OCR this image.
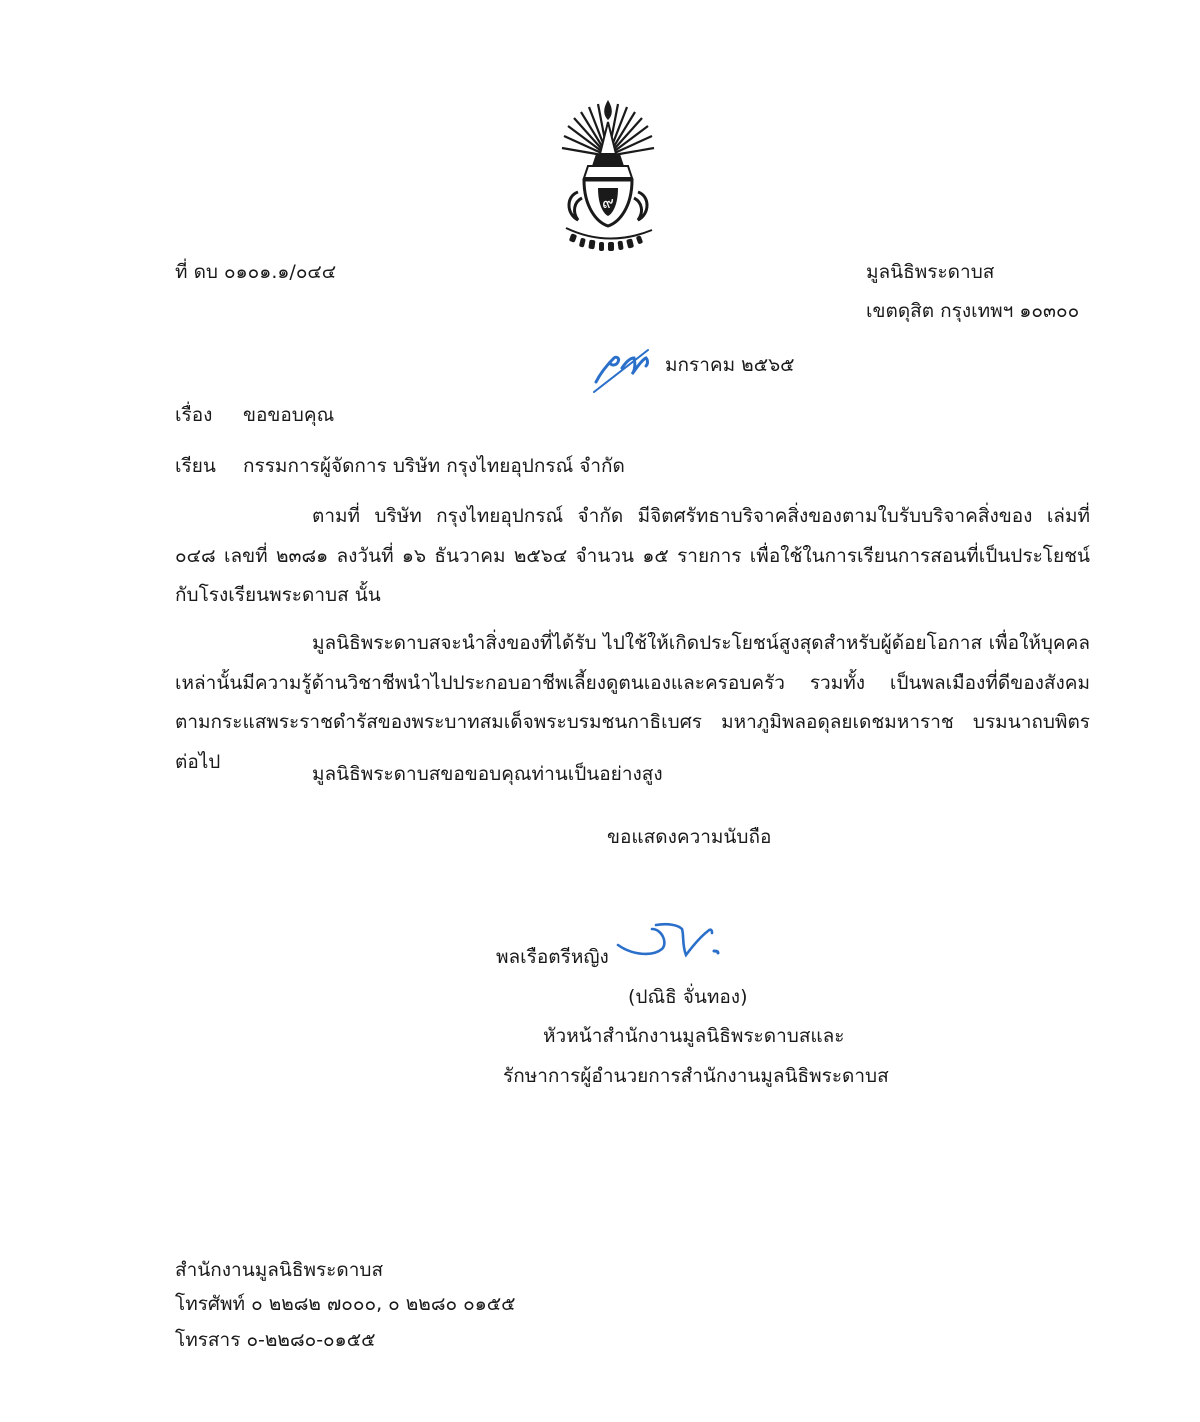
๙
ที่ ดบ ๐๑๐๑.๑/๐๔๔	มูลนิธิพระดาบส
เขตดุสิต กรุงเทพฯ ๑๐๓๐๐
มกราคม ๒๕๖๕
เรื่อง ขอขอบคุณ
เรียน กรรมการผู้จัดการ บริษัท กรุงไทยอุปกรณ์ จำกัด
ตามที่ บริษัท กรุงไทยอุปกรณ์ จำกัด มีจิตศรัทธาบริจาคสิ่งของตามใบรับบริจาคสิ่งของ เล่มที่ ๐๔๘ เลขที่ ๒๓๘๑ ลงวันที่ ๑๖ ธันวาคม ๒๕๖๔ จำนวน ๑๕ รายการ เพื่อใช้ในการเรียนการสอนที่เป็นประโยชน์กับโรงเรียนพระดาบส นั้น
มูลนิธิพระดาบสจะนำสิ่งของที่ได้รับ ไปใช้ให้เกิดประโยชน์สูงสุดสำหรับผู้ด้อยโอกาส เพื่อให้บุคคลเหล่านั้นมีความรู้ด้านวิชาชีพนำไปประกอบอาชีพเลี้ยงดูตนเองและครอบครัว รวมทั้ง เป็นพลเมืองที่ดีของสังคม ตามกระแสพระราชดำรัสของพระบาทสมเด็จพระบรมชนกาธิเบศร มหาภูมิพลอดุลยเดชมหาราช บรมนาถบพิตร ต่อไป
มูลนิธิพระดาบสขอขอบคุณท่านเป็นอย่างสูง
ขอแสดงความนับถือ
พลเรือตรีหญิง
(ปณิธิ จั่นทอง)
หัวหน้าสำนักงานมูลนิธิพระดาบสและ
รักษาการผู้อำนวยการสำนักงานมูลนิธิพระดาบส
สำนักงานมูลนิธิพระดาบส
โทรศัพท์ ๐ ๒๒๘๒ ๗๐๐๐, ๐ ๒๒๘๐ ๐๑๕๕
โทรสาร ๐-๒๒๘๐-๐๑๕๕
